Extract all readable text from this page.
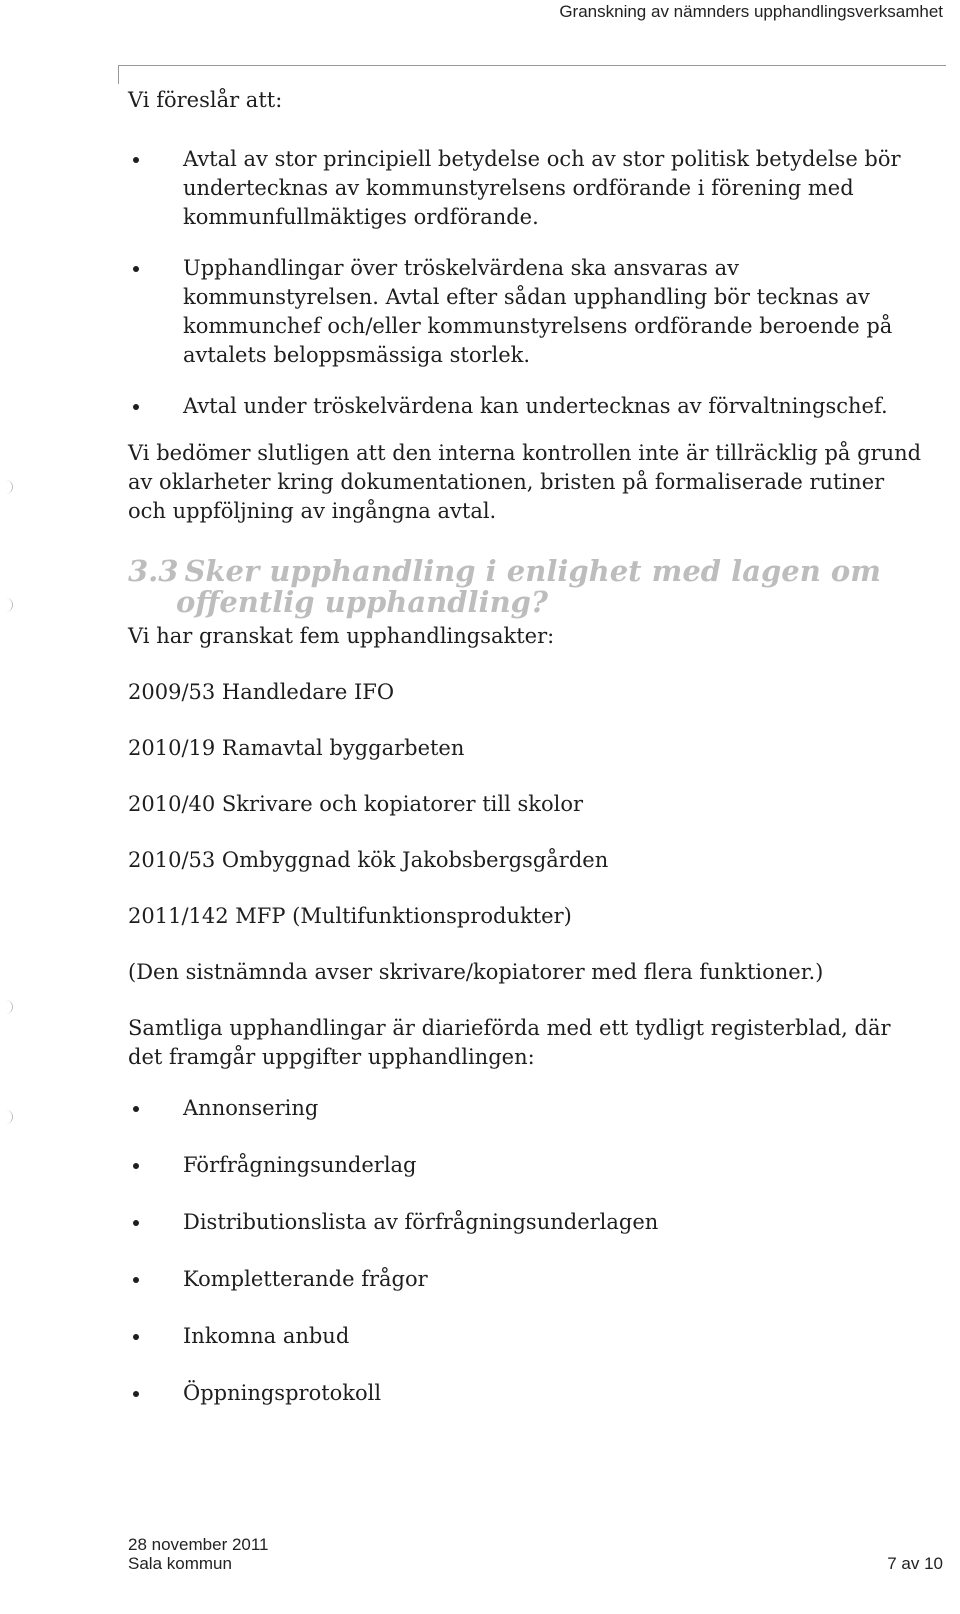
Granskning av nämnders upphandlingsverksamhet

Vi föreslår att:

Avtal av stor principiell betydelse och av stor politisk betydelse bör undertecknas av kommunstyrelsens ordförande i förening med kommunfullmäktiges ordförande.
Upphandlingar över tröskelvärdena ska ansvaras av kommunstyrelsen. Avtal efter sådan upphandling bör tecknas av kommunchef och/eller kommunstyrelsens ordförande beroende på avtalets beloppsmässiga storlek.
Avtal under tröskelvärdena kan undertecknas av förvaltningschef.

Vi bedömer slutligen att den interna kontrollen inte är tillräcklig på grund av oklarheter kring dokumentationen, bristen på formaliserade rutiner och uppföljning av ingångna avtal.

3.3 Sker upphandling i enlighet med lagen om
offentlig upphandling?

Vi har granskat fem upphandlingsakter:

2009/53 Handledare IFO

2010/19 Ramavtal byggarbeten

2010/40 Skrivare och kopiatorer till skolor

2010/53 Ombyggnad kök Jakobsbergsgården

2011/142 MFP (Multifunktionsprodukter)

(Den sistnämnda avser skrivare/kopiatorer med flera funktioner.)

Samtliga upphandlingar är diarieförda med ett tydligt registerblad, där det framgår uppgifter upphandlingen:

Annonsering
Förfrågningsunderlag
Distributionslista av förfrågningsunderlagen
Kompletterande frågor
Inkomna anbud
Öppningsprotokoll
28 november 2011
Sala kommun	7 av 10
